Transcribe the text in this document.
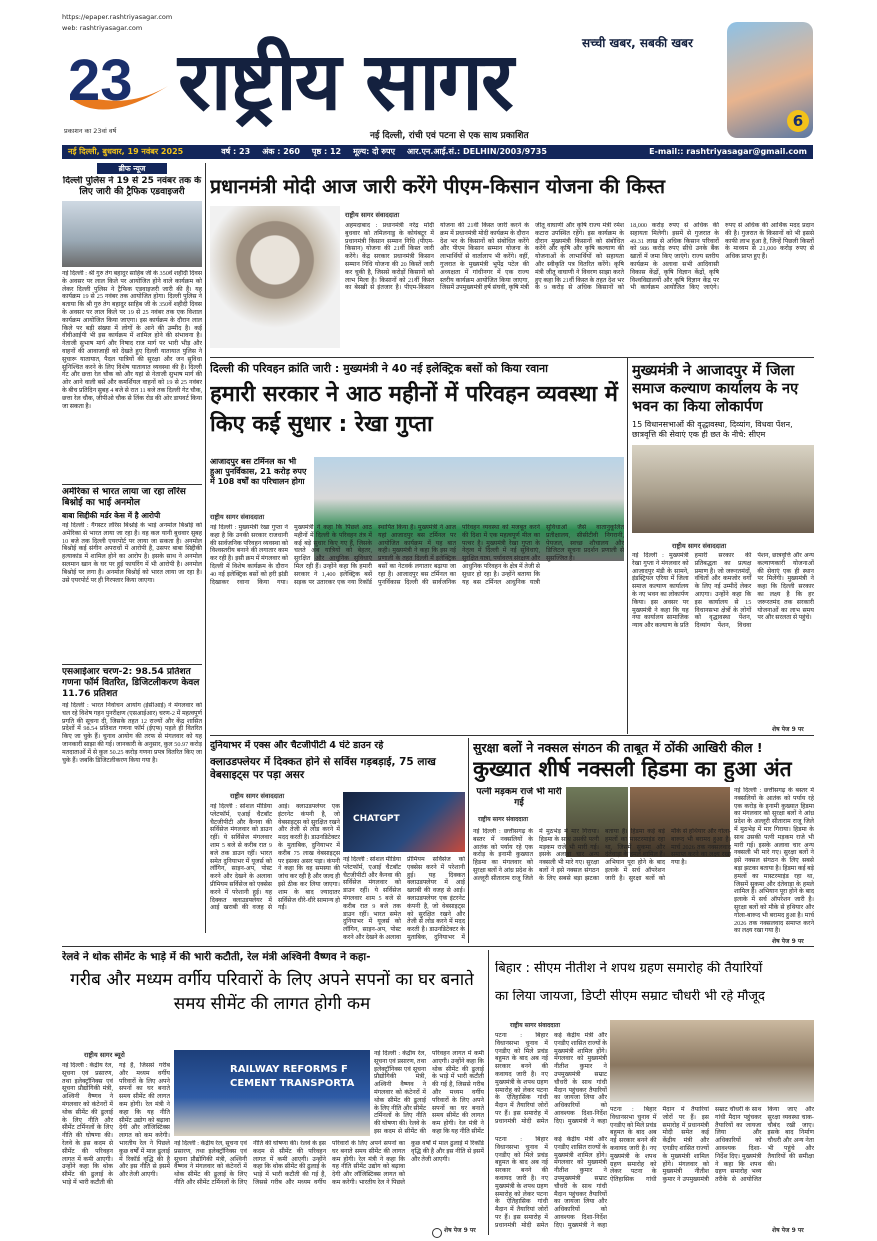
https://epaper.rashtriyasagar.com
web: rashtriyasagar.com
23
प्रकाशन का 23वां वर्ष
राष्ट्रीय सागर	सच्ची खबर, सबकी खबर
नई दिल्ली, रांची एवं पटना से एक साथ प्रकाशित
6
नई दिल्ली, बुधवार, 19 नवंबर 2025	वर्ष : 23 अंक : 260 पृष्ठ : 12 मूल्य: दो रुपए आर.एन.आई.सं.: DELHIN/2003/9735	E-mail:: rashtriyasagar@gmail.com
ब्रीफ न्यूज
दिल्ली पुलिस ने 19 से 25 नवंबर तक के लिए जारी की ट्रैफिक एडवाइजरी
नई दिल्ली : श्री गुरु तेग बहादुर साहिब जी के 350वें शहीदी दिवस के अवसर पर लाल किले पर आयोजित होने वाले कार्यक्रम को लेकर दिल्ली पुलिस ने ट्रैफिक एडवाइजरी जारी की है। यह कार्यक्रम 19 से 25 नवंबर तक आयोजित होगा। दिल्ली पुलिस ने बताया कि श्री गुरु तेग बहादुर साहिब जी के 350वें शहीदी दिवस के अवसर पर लाल किले पर 19 से 25 नवंबर तक एक विशाल कार्यक्रम आयोजित किया जाएगा। इस कार्यक्रम के दौरान लाल किले पर बड़ी संख्या में लोगों के आने की उम्मीद है। कई वीवीआईपी भी इस कार्यक्रम में शामिल होने की संभावना है। नेताजी सुभाष मार्ग और निषाद राज मार्ग पर भारी भीड़ और वाहनों की आवाजाही को देखते हुए दिल्ली यातायात पुलिस ने सुचारू यातायात, पैदल यात्रियों की सुरक्षा और जन सुविधा सुनिश्चित करने के लिए विशेष यातायात व्यवस्था की है। दिल्ली गेट और छत्ता रेल चौक को और यहां से नेताजी सुभाष मार्ग की ओर आने वाली बसें और कमर्शियल वाहनों को 19 से 25 नवंबर के बीच प्रतिदिन सुबह 4 बजे से रात 11 बजे तक दिल्ली गेट चौक, छत्ता रेल चौक, जीपीओ चौक से लिंक रोड की ओर डायवर्ट किया जा सकता है।
अमेरिका से भारत लाया जा रहा लॉरेंस बिश्नोई का भाई अनमोल
बाबा सिद्दीकी मर्डर केस में है आरोपी
नई दिल्ली : गैंगस्टर लॉरेंस बिश्नोई के भाई अनमोल बिश्नोई को अमेरिका से भारत लाया जा रहा है। वह कल यानी बुधवार सुबह 10 बजे तक दिल्ली एयरपोर्ट पर लाया जा सकता है। अनमोल बिश्नोई कई संगीन अपराधों में आरोपी है, उसपर बाबा सिद्दीकी हत्याकांड में शामिल होने का आरोप है। इसके साथ ने अनमोल सलमान खान के घर पर हुई फायरिंग में भी आरोपी है। अनमोल बिश्नोई पर लगा है। अनमोल बिश्नोई को भारत लाया जा रहा है। उसे एयरपोर्ट पर ही गिरफ्तार किया जाएगा।
एसआईआर चरण-2: 98.54 प्रतिशत गणना फॉर्म वितरित, डिजिटलीकरण केवल 11.76 प्रतिशत
नई दिल्ली : भारत निर्वाचन आयोग (ईसीआई) ने मंगलवार को चल रहे विशेष गहन पुनरीक्षण (एसआईआर) चरण-2 में महत्वपूर्ण प्रगति की सूचना दी, जिसके तहत 12 राज्यों और केंद्र शासित प्रदेशों में 98.54 प्रतिशत गणना फॉर्म (ईएफ) पहले ही वितरित किए जा चुके हैं। चुनाव आयोग की तरफ से मंगलवार को यह जानकारी साझा की गई। जानकारी के अनुसार, कुल 50.97 करोड़ मतदाताओं में से कुल 50.25 करोड़ गणना प्रपत्र वितरित किए जा चुके हैं। जबकि डिजिटलीकरण किया गया है।
प्रधानमंत्री मोदी आज जारी करेंगे पीएम-किसान योजना की किस्त
राष्ट्रीय सागर संवाददाता
अहमदाबाद : प्रधानमंत्री नरेंद्र मोदी बुधवार को तमिलनाडु के कोयंबटूर में प्रधानमंत्री किसान सम्मान निधि (पीएम-किसान) योजना की 21वीं किस्त जारी करेंगे। केंद्र सरकार प्रधानमंत्री किसान सम्मान निधि योजना की 20 किस्तें जारी कर चुकी है, जिससे करोड़ों किसानों को लाभ मिला है। किसानों को 21वीं किस्त का बेसब्री से इंतजार है। पीएम-किसान योजना की 21वीं किस्त जारी करने के क्रम में प्रधानमंत्री मोदी कार्यक्रम के दौरान देश भर के किसानों को संबोधित करेंगे और पीएम किसान सम्मान योजना के लाभार्थियों से वार्तालाप भी करेंगे। वहीं, गुजरात के मुख्यमंत्री भूपेंद्र पटेल की अध्यक्षता में गांधीनगर में एक राज्य स्तरीय कार्यक्रम आयोजित किया जाएगा, जिसमें उपमुख्यमंत्री हर्ष संघवी, कृषि मंत्री जीतू वाघाणी और कृषि राज्य मंत्री रमेश कटारा उपस्थित रहेंगे। इस कार्यक्रम के दौरान मुख्यमंत्री किसानों को संबोधित करेंगे और कृषि और कृषि कल्याण की योजनाओं के लाभार्थियों को सहायता और स्वीकृति पत्र वितरित करेंगे। कृषि मंत्री जीतू वाघाणी ने विवरण साझा करते हुए कहा कि 21वीं किस्त के तहत देश भर के 9 करोड़ से अधिक किसानों को 18,000 करोड़ रुपए से अधिक की सहायता मिलेगी। इसमें से गुजरात के 49.31 लाख से अधिक किसान परिवारों को 986 करोड़ रुपए सीधे उनके बैंक खातों में जमा किए जाएंगे। राज्य स्तरीय कार्यक्रम के अलावा सभी आदिवासी विकास केंद्रों, कृषि विज्ञान केंद्रों, कृषि विश्वविद्यालयों और कृषि विज्ञान केंद्र पर भी कार्यक्रम आयोजित किए जाएंगे। रुपए से अधिक की आर्थिक मदद प्रदान की है। गुजरात के किसानों को भी इससे काफी लाभ हुआ है, जिन्हें पिछली किस्तों के माध्यम से 21,000 करोड़ रुपए से अधिक प्राप्त हुए हैं।
दिल्ली की परिवहन क्रांति जारी : मुख्यमंत्री ने 40 नई इलेक्ट्रिक बसों को किया रवाना
हमारी सरकार ने आठ महीनों में परिवहन व्यवस्था में किए कई सुधार : रेखा गुप्ता
आजादपुर बस टर्मिनल का भी हुआ पुनर्विकास, 21 करोड़ रुपए में 108 वर्षों का परिचालन होगा
राष्ट्रीय सागर संवाददाता
नई दिल्ली : मुख्यमंत्री रेखा गुप्ता ने कहा है कि उनकी सरकार राजधानी की सार्वजनिक परिवहन व्यवस्था को विश्वस्तरीय बनाने की लगातार काम कर रही है। इसी क्रम में मंगलवार को दिल्ली में विशेष कार्यक्रम के दौरान 40 नई इलेक्ट्रिक बसों को हरी झंडी दिखाकर रवाना किया गया। मुख्यमंत्री ने कहा कि पिछले आठ महीनों में दिल्ली के परिवहन तंत्र में कई बड़े सुधार किए गए हैं, जिसके चलते अब यात्रियों को बेहतर, सुरक्षित और आधुनिक सुविधाएं मिल रही हैं। उन्होंने कहा कि हमारी सरकार ने 1,400 इलेक्ट्रिक बसें सड़क पर उतारकर एक नया रिकॉर्ड स्थापित किया है। मुख्यमंत्री ने आज यहां आजादपुर बस टर्मिनल पर आयोजित कार्यक्रम में यह बात कही। मुख्यमंत्री ने कहा कि इस नई प्रणाली के तहत दिल्ली में इलेक्ट्रिक बसों का नेटवर्क लगातार बढ़ाया जा रहा है। आजादपुर बस टर्मिनल का पुनर्विकास दिल्ली की सार्वजनिक परिवहन व्यवस्था को मजबूत करने की दिशा में एक महत्वपूर्ण मील का पत्थर है। मुख्यमंत्री रेखा गुप्ता के नेतृत्व में दिल्ली में नई सुविधाएं, सुरक्षित यात्रा, पर्यावरण संरक्षण और आधुनिक परिवहन के क्षेत्र में तेजी से सुधार हो रहा है। उन्होंने बताया कि यह बस टर्मिनल आधुनिक यात्री सुविधाओं जैसे वातानुकूलित प्रतीक्षालय, सीसीटीवी निगरानी, पेयजल, स्वच्छ शौचालय और डिजिटल सूचना प्रदर्शन प्रणाली से सुसज्जित है।
मुख्यमंत्री ने आजादपुर में जिला समाज कल्याण कार्यालय के नए भवन का किया लोकार्पण
15 विधानसभाओं की वृद्धावस्था, दिव्यांग, विधवा पेंशन, छात्रवृत्ति की सेवाएं एक ही छत के नीचे: सीएम
राष्ट्रीय सागर संवाददाता
नई दिल्ली : मुख्यमंत्री रेखा गुप्ता ने मंगलवार को आजादपुर मंडी के सामने, इंडस्ट्रियल एरिया में जिला समाज कल्याण कार्यालय के नए भवन का लोकार्पण किया। इस अवसर पर मुख्यमंत्री ने कहा कि यह नया कार्यालय सामाजिक न्याय और कल्याण के प्रति हमारी सरकार की प्रतिबद्धता का प्रत्यक्ष प्रमाण है। जो जरूरतमंदों, वंचितों और कमजोर वर्गों के लिए नई उम्मीदें लेकर आएगा। उन्होंने कहा कि इस कार्यालय से 15 विधानसभा क्षेत्रों के लोगों को वृद्धावस्था पेंशन, दिव्यांग पेंशन, विधवा पेंशन, छात्रवृत्ति और अन्य कल्याणकारी योजनाओं की सेवाएं एक ही स्थान पर मिलेंगी। मुख्यमंत्री ने कहा कि दिल्ली सरकार का लक्ष्य है कि हर जरूरतमंद तक सरकारी योजनाओं का लाभ समय पर और सरलता से पहुंचे।
शेष पेज 9 पर
दुनियाभर में एक्स और चैटजीपीटी 4 घंटे डाउन रहे
क्लाउडफ्लेयर में दिक्कत होने से सर्विस गड़बड़ाई, 75 लाख वेबसाइट्स पर पड़ा असर
राष्ट्रीय सागर संवाददाता
नई दिल्ली : सोशल मीडिया प्लेटफॉर्म, एआई चैटबॉट चैटजीपीटी और कैनवा की सर्विसेज मंगलवार को डाउन रहीं। ये सर्विसेज मंगलवार शाम 5 बजे से करीब रात 9 बजे तक डाउन रहीं। भारत समेत दुनियाभर में यूजर्स को लॉगिन, साइन-अप, पोस्ट करने और देखने के अलावा प्रीमियम सर्विसेज को एक्सेस करने में परेशानी हुई। यह दिक्कत क्लाउडफ्लेयर में आई खराबी की वजह से आई। क्लाउडफ्लेयर एक इंटरनेट कंपनी है, जो वेबसाइट्स को सुरक्षित रखने और तेजी से लोड करने में मदद करती है। डाउनडिटेक्टर के मुताबिक, दुनियाभर में करीब 75 लाख वेबसाइट्स पर इसका असर पड़ा। कंपनी ने कहा कि वह समस्या की जांच कर रही है और जल्द ही इसे ठीक कर लिया जाएगा। शाम के बाद ज्यादातर सर्विसेज धीरे-धीरे सामान्य हो गईं।
CHATGPT
नई दिल्ली : सोशल मीडिया प्लेटफॉर्म, एआई चैटबॉट चैटजीपीटी और कैनवा की सर्विसेज मंगलवार को डाउन रहीं। ये सर्विसेज मंगलवार शाम 5 बजे से करीब रात 9 बजे तक डाउन रहीं। भारत समेत दुनियाभर में यूजर्स को लॉगिन, साइन-अप, पोस्ट करने और देखने के अलावा प्रीमियम सर्विसेज को एक्सेस करने में परेशानी हुई। यह दिक्कत क्लाउडफ्लेयर में आई खराबी की वजह से आई। क्लाउडफ्लेयर एक इंटरनेट कंपनी है, जो वेबसाइट्स को सुरक्षित रखने और तेजी से लोड करने में मदद करती है। डाउनडिटेक्टर के मुताबिक, दुनियाभर में
सुरक्षा बलों ने नक्सल संगठन की ताबूत में ठोंकी आखिरी कील !
कुख्यात शीर्ष नक्सली हिडमा का हुआ अंत
पत्नी मड़कम राजे भी मारी गई
राष्ट्रीय सागर संवाददाता
नई दिल्ली : छत्तीसगढ़ के बस्तर में नक्सलियों के आतंक को पर्याय रहे एक करोड़ के इनामी कुख्यात हिडमा का मंगलवार को सुरक्षा बलों ने आंध्र प्रदेश के अल्लूरी सीताराम राजू जिले में मुठभेड़ में मार गिराया। हिडमा के साथ उसकी पत्नी मड़कम राजे भी मारी गई। इसके अलावा चार अन्य नक्सली भी मारे गए। सुरक्षा बलों ने इसे नक्सल संगठन के लिए सबसे बड़ा झटका बताया है। हिडमा कई बड़े हमलों का मास्टरमाइंड रहा था, जिसमें सुकमा और दंतेवाड़ा के हमले शामिल हैं। अभियान पूरा होने के बाद इलाके में सर्च ऑपरेशन जारी है। सुरक्षा बलों को मौके से हथियार और गोला-बारूद भी बरामद हुआ है। मार्च 2026 तक नक्सलवाद समाप्त करने का लक्ष्य रखा गया है।
नई दिल्ली : छत्तीसगढ़ के बस्तर में नक्सलियों के आतंक को पर्याय रहे एक करोड़ के इनामी कुख्यात हिडमा का मंगलवार को सुरक्षा बलों ने आंध्र प्रदेश के अल्लूरी सीताराम राजू जिले में मुठभेड़ में मार गिराया। हिडमा के साथ उसकी पत्नी मड़कम राजे भी मारी गई। इसके अलावा चार अन्य नक्सली भी मारे गए। सुरक्षा बलों ने इसे नक्सल संगठन के लिए सबसे बड़ा झटका बताया है। हिडमा कई बड़े हमलों का मास्टरमाइंड रहा था, जिसमें सुकमा और दंतेवाड़ा के हमले शामिल हैं। अभियान पूरा होने के बाद इलाके में सर्च ऑपरेशन जारी है। सुरक्षा बलों को मौके से हथियार और गोला-बारूद भी बरामद हुआ है। मार्च 2026 तक नक्सलवाद समाप्त करने का लक्ष्य रखा गया है।
शेष पेज 9 पर
रेलवे ने थोक सीमेंट के भाड़े में की भारी कटौती, रेल मंत्री अश्विनी वैष्णव ने कहा-
गरीब और मध्यम वर्गीय परिवारों के लिए अपने सपनों का घर बनाते समय सीमेंट की लागत होगी कम
राष्ट्रीय सागर ब्यूरो
नई दिल्ली : केंद्रीय रेल, सूचना एवं प्रसारण, तथा इलेक्ट्रॉनिक्स एवं सूचना प्रौद्योगिकी मंत्री, अश्विनी वैष्णव ने मंगलवार को कंटेनरों में थोक सीमेंट की ढुलाई के लिए नीति और सीमेंट टर्मिनलों के लिए नीति की घोषणा की। रेलवे के इस कदम से सीमेंट की परिवहन लागत में कमी आएगी। उन्होंने कहा कि थोक सीमेंट की ढुलाई के भाड़े में भारी कटौती की गई है, जिससे गरीब और मध्यम वर्गीय परिवारों के लिए अपने सपनों का घर बनाते समय सीमेंट की लागत कम होगी। रेल मंत्री ने कहा कि यह नीति सीमेंट उद्योग को बढ़ावा देगी और लॉजिस्टिक्स लागत को कम करेगी। भारतीय रेल ने पिछले कुछ वर्षों में माल ढुलाई में रिकॉर्ड वृद्धि की है और इस नीति से इसमें और तेजी आएगी।
RAILWAY REFORMS F
CEMENT TRANSPORTA
नई दिल्ली : केंद्रीय रेल, सूचना एवं प्रसारण, तथा इलेक्ट्रॉनिक्स एवं सूचना प्रौद्योगिकी मंत्री, अश्विनी वैष्णव ने मंगलवार को कंटेनरों में थोक सीमेंट की ढुलाई के लिए नीति और सीमेंट टर्मिनलों के लिए नीति की घोषणा की। रेलवे के इस कदम से सीमेंट की परिवहन लागत में कमी आएगी। उन्होंने कहा कि थोक सीमेंट की ढुलाई के भाड़े में भारी कटौती की गई है, जिससे गरीब और मध्यम वर्गीय परिवारों के लिए अपने सपनों का घर बनाते समय सीमेंट की लागत कम होगी। रेल मंत्री ने कहा कि यह नीति सीमेंट उद्योग को बढ़ावा देगी और लॉजिस्टिक्स लागत को कम करेगी। भारतीय रेल ने पिछले कुछ वर्षों में माल ढुलाई में रिकॉर्ड वृद्धि की है और इस नीति से इसमें और तेजी आएगी।
नई दिल्ली : केंद्रीय रेल, सूचना एवं प्रसारण, तथा इलेक्ट्रॉनिक्स एवं सूचना प्रौद्योगिकी मंत्री, अश्विनी वैष्णव ने मंगलवार को कंटेनरों में थोक सीमेंट की ढुलाई के लिए नीति और सीमेंट टर्मिनलों के लिए नीति की घोषणा की। रेलवे के इस कदम से सीमेंट की परिवहन लागत में कमी आएगी। उन्होंने कहा कि थोक सीमेंट की ढुलाई के भाड़े में भारी कटौती की गई है, जिससे गरीब और मध्यम वर्गीय परिवारों के लिए अपने सपनों का घर बनाते समय सीमेंट की लागत कम होगी। रेल मंत्री ने कहा कि यह नीति सीमेंट
शेष पेज 9 पर
बिहार : सीएम नीतीश ने शपथ ग्रहण समारोह की तैयारियों
का लिया जायजा, डिप्टी सीएम सम्राट चौधरी भी रहे मौजूद
राष्ट्रीय सागर संवाददाता
पटना : बिहार विधानसभा चुनाव में एनडीए को मिले प्रचंड बहुमत के बाद अब नई सरकार बनने की कवायद जारी है। नए मुख्यमंत्री के शपथ ग्रहण समारोह को लेकर पटना के ऐतिहासिक गांधी मैदान में तैयारियां जोरों पर हैं। इस समारोह में प्रधानमंत्री मोदी समेत कई केंद्रीय मंत्री और एनडीए शासित राज्यों के मुख्यमंत्री शामिल होंगे। मंगलवार को मुख्यमंत्री नीतीश कुमार ने उपमुख्यमंत्री सम्राट चौधरी के साथ गांधी मैदान पहुंचकर तैयारियों का जायजा लिया और अधिकारियों को आवश्यक दिशा-निर्देश दिए। मुख्यमंत्री ने कहा
पटना : बिहार विधानसभा चुनाव में एनडीए को मिले प्रचंड बहुमत के बाद अब नई सरकार बनने की कवायद जारी है। नए मुख्यमंत्री के शपथ ग्रहण समारोह को लेकर पटना के ऐतिहासिक गांधी मैदान में तैयारियां जोरों पर हैं। इस समारोह में प्रधानमंत्री मोदी समेत कई केंद्रीय मंत्री और एनडीए शासित राज्यों के मुख्यमंत्री शामिल होंगे। मंगलवार को मुख्यमंत्री नीतीश कुमार ने उपमुख्यमंत्री सम्राट चौधरी के साथ गांधी मैदान पहुंचकर तैयारियों का जायजा लिया और अधिकारियों को आवश्यक दिशा-निर्देश दिए। मुख्यमंत्री ने कहा कि शपथ ग्रहण समारोह भव्य तरीके से आयोजित किया जाए और सुरक्षा व्यवस्था चाक-चौबंद रखी जाए। इसके बाद निर्माण चौधरी और अन्य नेता भी पहुंचे और तैयारियों की समीक्षा की।
पटना : बिहार विधानसभा चुनाव में एनडीए को मिले प्रचंड बहुमत के बाद अब नई सरकार बनने की कवायद जारी है। नए मुख्यमंत्री के शपथ ग्रहण समारोह को लेकर पटना के ऐतिहासिक गांधी मैदान में तैयारियां जोरों पर हैं। इस समारोह में प्रधानमंत्री मोदी समेत कई केंद्रीय मंत्री और एनडीए शासित राज्यों के मुख्यमंत्री शामिल होंगे। मंगलवार को मुख्यमंत्री नीतीश कुमार ने उपमुख्यमंत्री सम्राट चौधरी के साथ गांधी मैदान पहुंचकर तैयारियों का जायजा लिया और अधिकारियों को आवश्यक दिशा-निर्देश दिए। मुख्यमंत्री ने कहा
शेष पेज 9 पर
